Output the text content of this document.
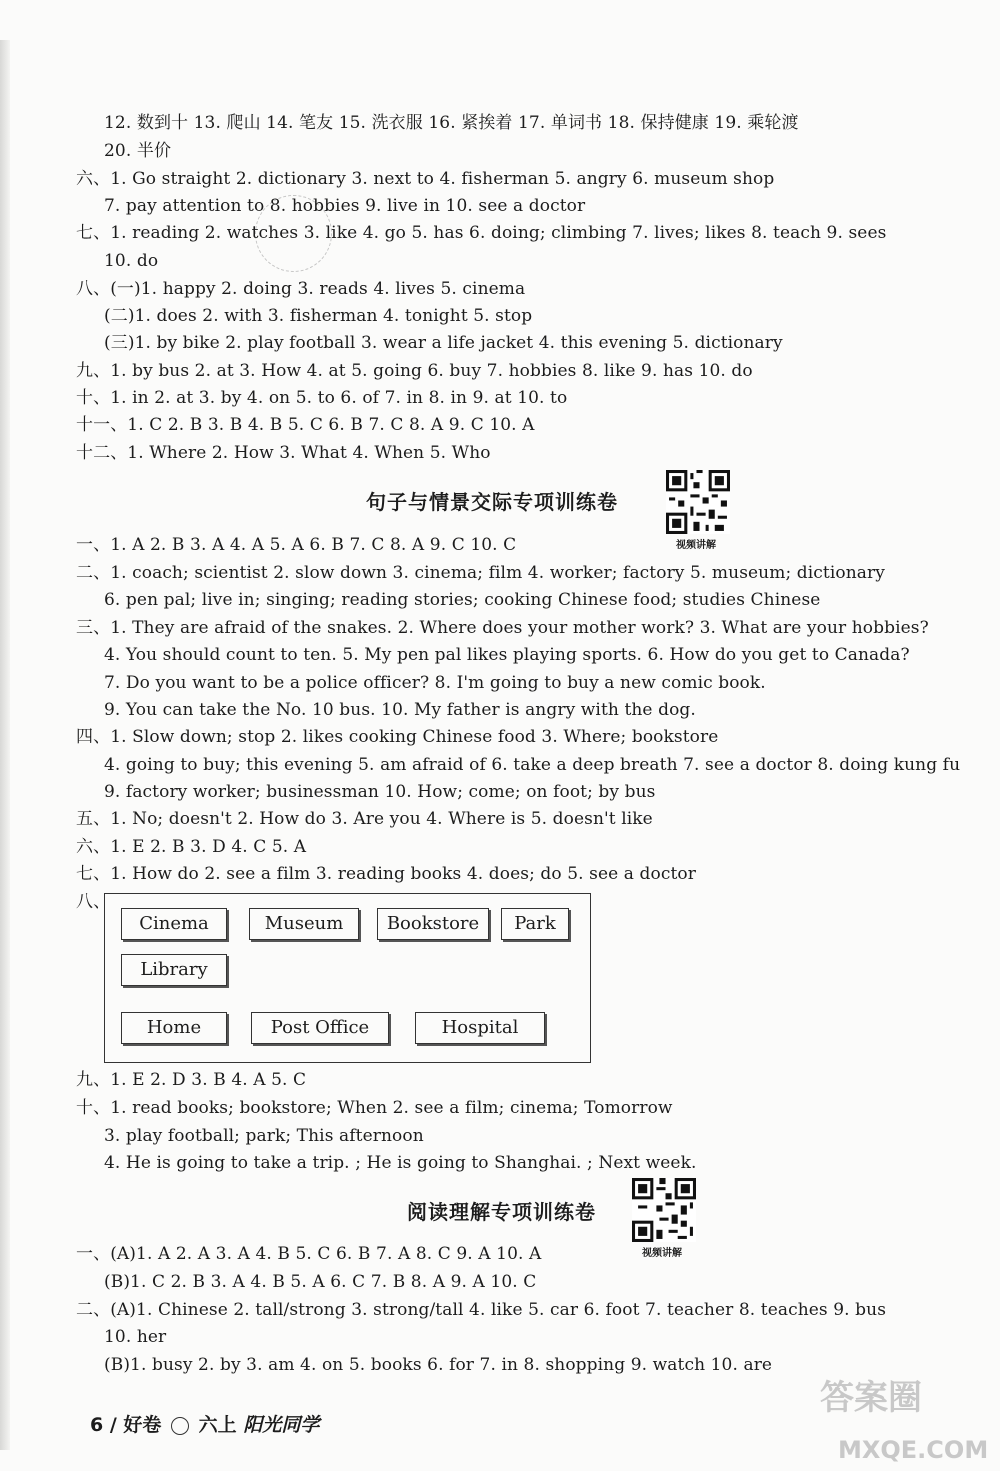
12. 数到十 13. 爬山 14. 笔友 15. 洗衣服 16. 紧挨着 17. 单词书 18. 保持健康 19. 乘轮渡
20. 半价
六、1. Go straight 2. dictionary 3. next to 4. fisherman 5. angry 6. museum shop
7. pay attention to 8. hobbies 9. live in 10. see a doctor
七、1. reading 2. watches 3. like 4. go 5. has 6. doing; climbing 7. lives; likes 8. teach 9. sees
10. do
八、(一)1. happy 2. doing 3. reads 4. lives 5. cinema
(二)1. does 2. with 3. fisherman 4. tonight 5. stop
(三)1. by bike 2. play football 3. wear a life jacket 4. this evening 5. dictionary
九、1. by bus 2. at 3. How 4. at 5. going 6. buy 7. hobbies 8. like 9. has 10. do
十、1. in 2. at 3. by 4. on 5. to 6. of 7. in 8. in 9. at 10. to
十一、1. C 2. B 3. B 4. B 5. C 6. B 7. C 8. A 9. C 10. A
十二、1. Where 2. How 3. What 4. When 5. Who
一、1. A 2. B 3. A 4. A 5. A 6. B 7. C 8. A 9. C 10. C
二、1. coach; scientist 2. slow down 3. cinema; film 4. worker; factory 5. museum; dictionary
6. pen pal; live in; singing; reading stories; cooking Chinese food; studies Chinese
三、1. They are afraid of the snakes. 2. Where does your mother work? 3. What are your hobbies?
4. You should count to ten. 5. My pen pal likes playing sports. 6. How do you get to Canada?
7. Do you want to be a police officer? 8. I'm going to buy a new comic book.
9. You can take the No. 10 bus. 10. My father is angry with the dog.
四、1. Slow down; stop 2. likes cooking Chinese food 3. Where; bookstore
4. going to buy; this evening 5. am afraid of 6. take a deep breath 7. see a doctor 8. doing kung fu
9. factory worker; businessman 10. How; come; on foot; by bus
五、1. No; doesn't 2. How do 3. Are you 4. Where is 5. doesn't like
六、1. E 2. B 3. D 4. C 5. A
七、1. How do 2. see a film 3. reading books 4. does; do 5. see a doctor
八、
九、1. E 2. D 3. B 4. A 5. C
十、1. read books; bookstore; When 2. see a film; cinema; Tomorrow
3. play football; park; This afternoon
4. He is going to take a trip. ; He is going to Shanghai. ; Next week.
一、(A)1. A 2. A 3. A 4. B 5. C 6. B 7. A 8. C 9. A 10. A
(B)1. C 2. B 3. A 4. B 5. A 6. C 7. B 8. A 9. A 10. C
二、(A)1. Chinese 2. tall/strong 3. strong/tall 4. like 5. car 6. foot 7. teacher 8. teaches 9. bus
10. her
(B)1. busy 2. by 3. am 4. on 5. books 6. for 7. in 8. shopping 9. watch 10. are
句子与情景交际专项训练卷
视频讲解
Cinema	Museum	Bookstore	Park
Library
Home	Post Office	Hospital
阅读理解专项训练卷
视频讲解
6 / 好卷 六上 阳光同学
答案圈
MXQE.COM
